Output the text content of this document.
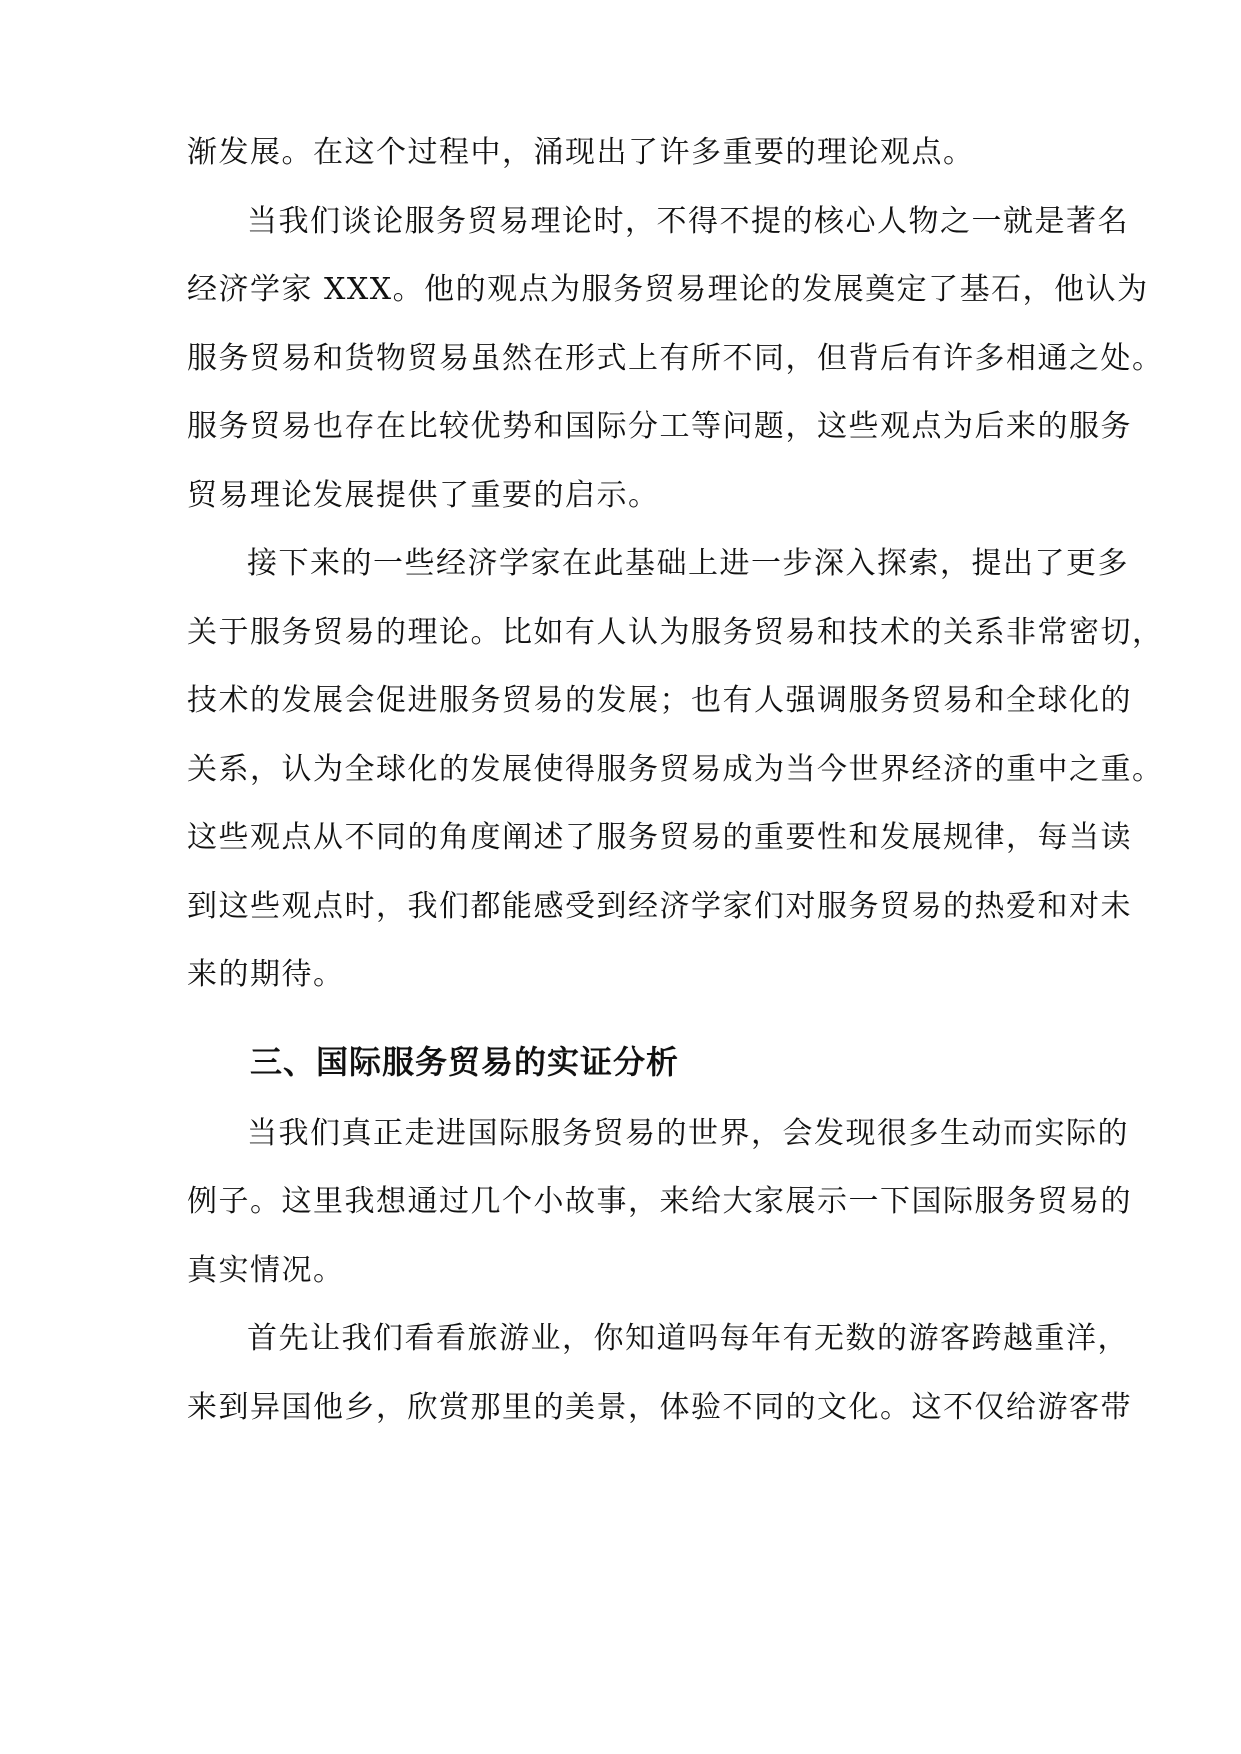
渐发展。在这个过程中，涌现出了许多重要的理论观点。
当我们谈论服务贸易理论时，不得不提的核心人物之一就是著名
经济学家 XXX。他的观点为服务贸易理论的发展奠定了基石，他认为
服务贸易和货物贸易虽然在形式上有所不同，但背后有许多相通之处。
服务贸易也存在比较优势和国际分工等问题，这些观点为后来的服务
贸易理论发展提供了重要的启示。
接下来的一些经济学家在此基础上进一步深入探索，提出了更多
关于服务贸易的理论。比如有人认为服务贸易和技术的关系非常密切，
技术的发展会促进服务贸易的发展；也有人强调服务贸易和全球化的
关系，认为全球化的发展使得服务贸易成为当今世界经济的重中之重。
这些观点从不同的角度阐述了服务贸易的重要性和发展规律，每当读
到这些观点时，我们都能感受到经济学家们对服务贸易的热爱和对未
来的期待。
三、国际服务贸易的实证分析
当我们真正走进国际服务贸易的世界，会发现很多生动而实际的
例子。这里我想通过几个小故事，来给大家展示一下国际服务贸易的
真实情况。
首先让我们看看旅游业，你知道吗每年有无数的游客跨越重洋，
来到异国他乡，欣赏那里的美景，体验不同的文化。这不仅给游客带
